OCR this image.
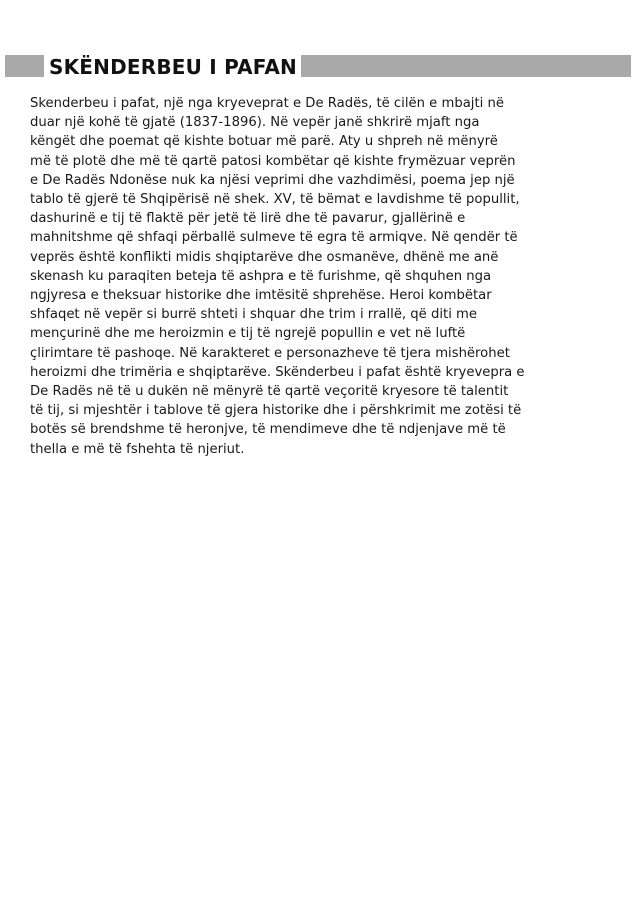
SKËNDERBEU I PAFAN
Skenderbeu i pafat, një nga kryeveprat e De Radës, të cilën e mbajti në
duar një kohë të gjatë (1837-1896). Në vepër janë shkrirë mjaft nga
këngët dhe poemat që kishte botuar më parë. Aty u shpreh në mënyrë
më të plotë dhe më të qartë patosi kombëtar që kishte frymëzuar veprën
e De Radës Ndonëse nuk ka njësi veprimi dhe vazhdimësi, poema jep një
tablo të gjerë të Shqipërisë në shek. XV, të bëmat e lavdishme të popullit,
dashurinë e tij të flaktë për jetë të lirë dhe të pavarur, gjallërinë e
mahnitshme që shfaqi përballë sulmeve të egra të armiqve. Në qendër të
veprës është konflikti midis shqiptarëve dhe osmanëve, dhënë me anë
skenash ku paraqiten beteja të ashpra e të furishme, që shquhen nga
ngjyresa e theksuar historike dhe imtësitë shprehëse. Heroi kombëtar
shfaqet në vepër si burrë shteti i shquar dhe trim i rrallë, që diti me
mençurinë dhe me heroizmin e tij të ngrejë popullin e vet në luftë
çlirimtare të pashoqe. Në karakteret e personazheve të tjera mishërohet
heroizmi dhe trimëria e shqiptarëve. Skënderbeu i pafat është kryevepra e
De Radës në të u dukën në mënyrë të qartë veçoritë kryesore të talentit
të tij, si mjeshtër i tablove të gjera historike dhe i përshkrimit me zotësi të
botës së brendshme të heronjve, të mendimeve dhe të ndjenjave më të
thella e më të fshehta të njeriut.
